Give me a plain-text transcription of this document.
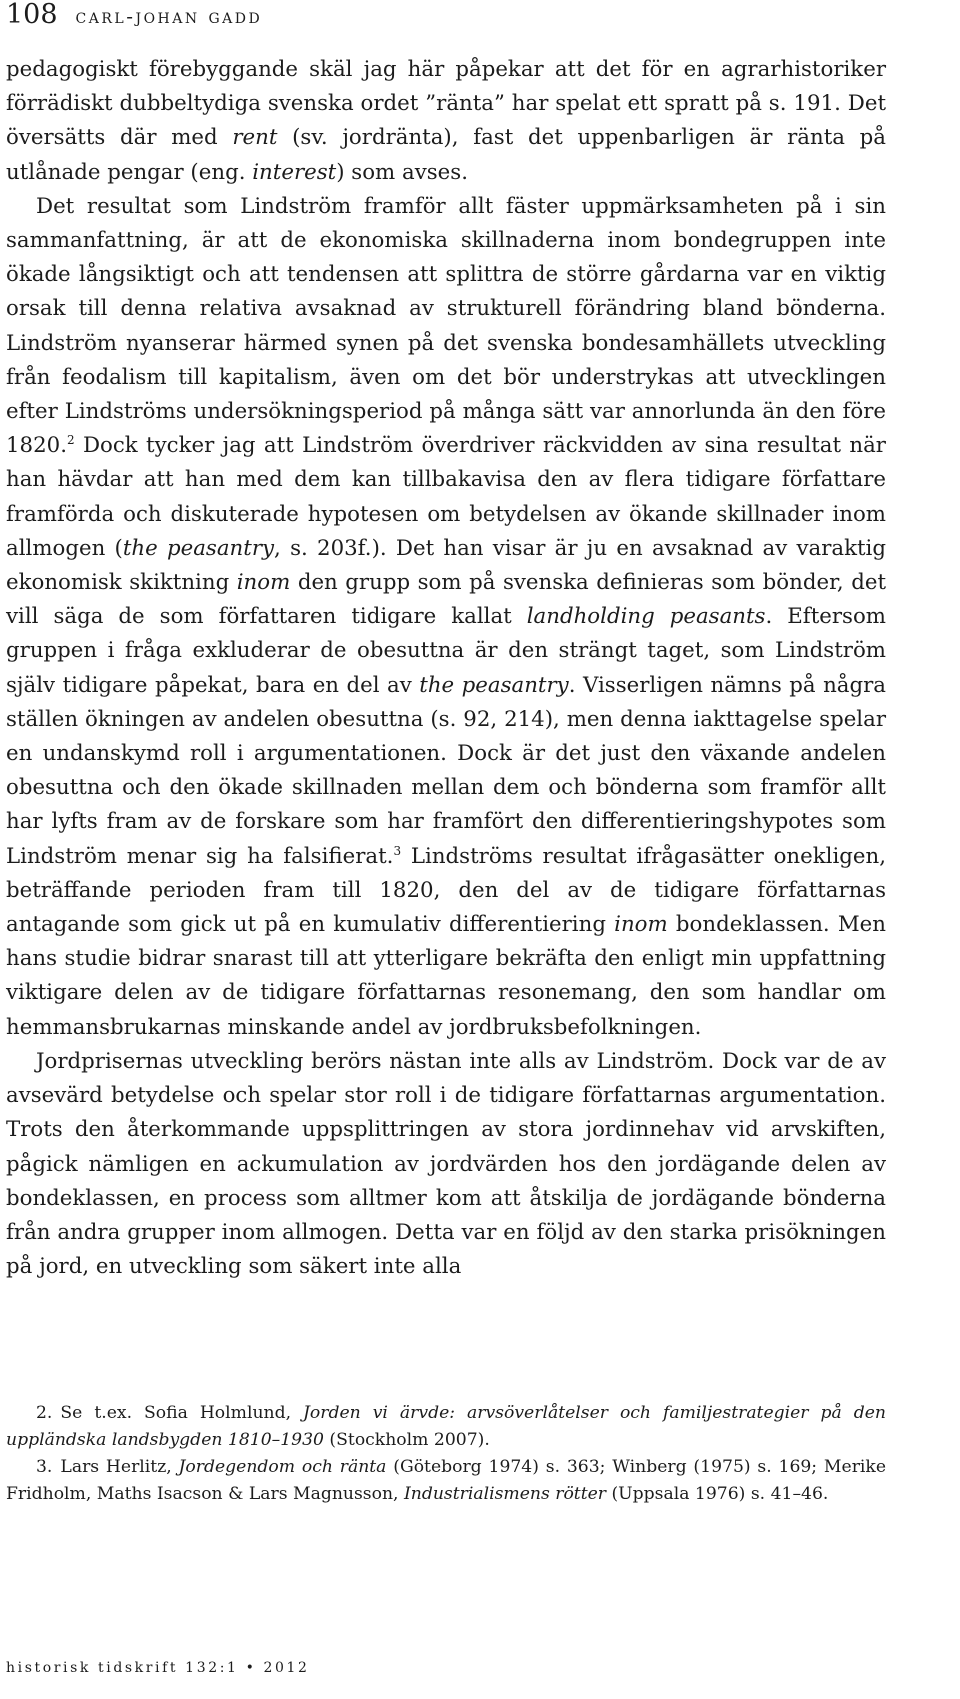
108 carl-johan gadd

pedagogiskt förebyggande skäl jag här påpekar att det för en agrarhistoriker förrädiskt dubbeltydiga svenska ordet ”ränta” har spelat ett spratt på s. 191. Det översätts där med rent (sv. jordränta), fast det uppenbarligen är ränta på utlånade pengar (eng. interest) som avses.

Det resultat som Lindström framför allt fäster uppmärksamheten på i sin sammanfattning, är att de ekonomiska skillnaderna inom bondegruppen inte ökade långsiktigt och att tendensen att splittra de större gårdarna var en viktig orsak till denna relativa avsaknad av strukturell förändring bland bönderna. Lindström nyanserar härmed synen på det svenska bondesamhällets utveckling från feodalism till kapitalism, även om det bör understrykas att utvecklingen efter Lindströms undersökningsperiod på många sätt var annorlunda än den före 1820.$^2$ Dock tycker jag att Lindström överdriver räckvidden av sina resultat när han hävdar att han med dem kan tillbakavisa den av flera tidigare författare framförda och diskuterade hypotesen om betydelsen av ökande skillnader inom allmogen (the peasantry, s. 203f.). Det han visar är ju en avsaknad av varaktig ekonomisk skiktning inom den grupp som på svenska definieras som bönder, det vill säga de som författaren tidigare kallat landholding peasants. Eftersom gruppen i fråga exkluderar de obesuttna är den strängt taget, som Lindström själv tidigare påpekat, bara en del av the peasantry. Visserligen nämns på några ställen ökningen av andelen obesuttna (s. 92, 214), men denna iakttagelse spelar en undanskymd roll i argumentationen. Dock är det just den växande andelen obesuttna och den ökade skillnaden mellan dem och bönderna som framför allt har lyfts fram av de forskare som har framfört den differentieringshypotes som Lindström menar sig ha falsifierat.$^3$ Lindströms resultat ifrågasätter onekligen, beträffande perioden fram till 1820, den del av de tidigare författarnas antagande som gick ut på en kumulativ differentiering inom bondeklassen. Men hans studie bidrar snarast till att ytterligare bekräfta den enligt min uppfattning viktigare delen av de tidigare författarnas resonemang, den som handlar om hemmansbrukarnas minskande andel av jordbruksbefolkningen.

Jordprisernas utveckling berörs nästan inte alls av Lindström. Dock var de av avsevärd betydelse och spelar stor roll i de tidigare författarnas argumentation. Trots den återkommande uppsplittringen av stora jordinnehav vid arvskiften, pågick nämligen en ackumulation av jordvärden hos den jordägande delen av bondeklassen, en process som alltmer kom att åtskilja de jordägande bönderna från andra grupper inom allmogen. Detta var en följd av den starka prisökningen på jord, en utveckling som säkert inte alla

2. Se t.ex. Sofia Holmlund, Jorden vi ärvde: arvsöverlåtelser och familjestrategier på den uppländska landsbygden 1810–1930 (Stockholm 2007).

3. Lars Herlitz, Jordegendom och ränta (Göteborg 1974) s. 363; Winberg (1975) s. 169; Merike Fridholm, Maths Isacson & Lars Magnusson, Industrialismens rötter (Uppsala 1976) s. 41–46.

historisk tidskrift 132:1 • 2012
